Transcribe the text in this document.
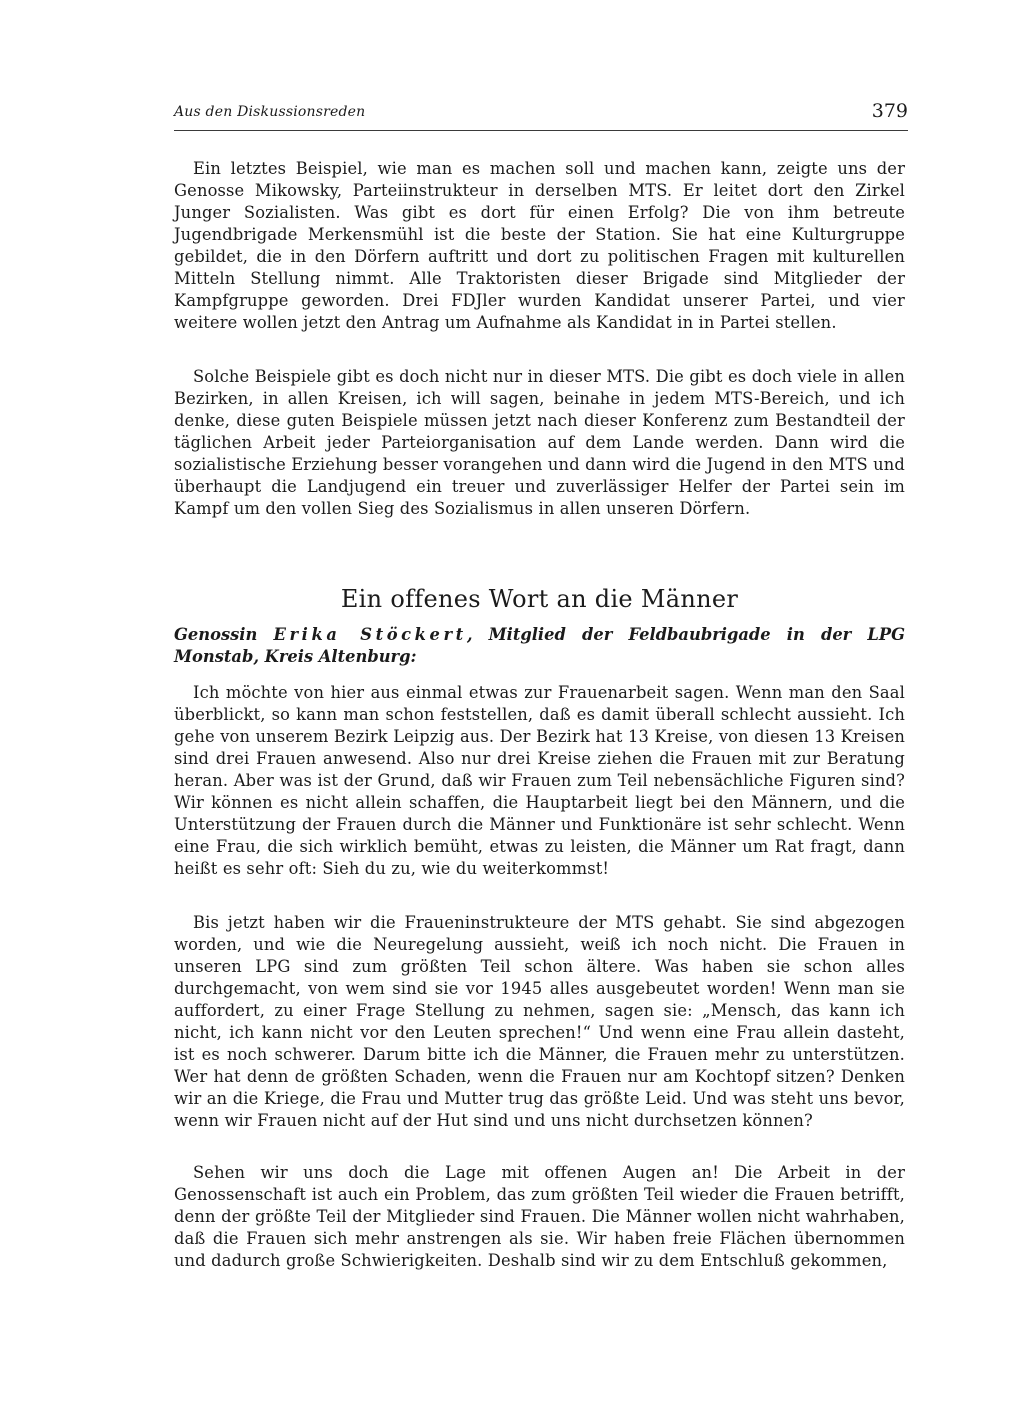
Aus den Diskussionsreden	379

Ein letztes Beispiel, wie man es machen soll und machen kann, zeigte uns der Genosse Mikowsky, Parteiinstrukteur in derselben MTS. Er leitet dort den Zirkel Junger Sozialisten. Was gibt es dort für einen Erfolg? Die von ihm betreute Jugendbrigade Merkensmühl ist die beste der Station. Sie hat eine Kulturgruppe gebildet, die in den Dörfern auftritt und dort zu politischen Fragen mit kulturellen Mitteln Stellung nimmt. Alle Traktoristen dieser Brigade sind Mitglieder der Kampfgruppe geworden. Drei FDJler wurden Kandidat unserer Partei, und vier weitere wollen jetzt den Antrag um Aufnahme als Kandidat in in Partei stellen.

Solche Beispiele gibt es doch nicht nur in dieser MTS. Die gibt es doch viele in allen Bezirken, in allen Kreisen, ich will sagen, beinahe in jedem MTS-Bereich, und ich denke, diese guten Beispiele müssen jetzt nach dieser Konferenz zum Bestandteil der täglichen Arbeit jeder Parteiorganisation auf dem Lande werden. Dann wird die sozialistische Erziehung besser vorangehen und dann wird die Jugend in den MTS und überhaupt die Landjugend ein treuer und zuverlässiger Helfer der Partei sein im Kampf um den vollen Sieg des Sozialismus in allen unseren Dörfern.

Ein offenes Wort an die Männer

Genossin Erika Stöckert, Mitglied der Feldbaubrigade in der LPG Monstab, Kreis Altenburg:

Ich möchte von hier aus einmal etwas zur Frauenarbeit sagen. Wenn man den Saal überblickt, so kann man schon feststellen, daß es damit überall schlecht aussieht. Ich gehe von unserem Bezirk Leipzig aus. Der Bezirk hat 13 Kreise, von diesen 13 Kreisen sind drei Frauen anwesend. Also nur drei Kreise ziehen die Frauen mit zur Beratung heran. Aber was ist der Grund, daß wir Frauen zum Teil nebensächliche Figuren sind? Wir können es nicht allein schaffen, die Hauptarbeit liegt bei den Männern, und die Unterstützung der Frauen durch die Männer und Funktionäre ist sehr schlecht. Wenn eine Frau, die sich wirklich bemüht, etwas zu leisten, die Männer um Rat fragt, dann heißt es sehr oft: Sieh du zu, wie du weiterkommst!

Bis jetzt haben wir die Fraueninstrukteure der MTS gehabt. Sie sind abgezogen worden, und wie die Neuregelung aussieht, weiß ich noch nicht. Die Frauen in unseren LPG sind zum größten Teil schon ältere. Was haben sie schon alles durchgemacht, von wem sind sie vor 1945 alles ausgebeutet worden! Wenn man sie auffordert, zu einer Frage Stellung zu nehmen, sagen sie: „Mensch, das kann ich nicht, ich kann nicht vor den Leuten sprechen!“ Und wenn eine Frau allein dasteht, ist es noch schwerer. Darum bitte ich die Männer, die Frauen mehr zu unterstützen. Wer hat denn de größten Schaden, wenn die Frauen nur am Kochtopf sitzen? Denken wir an die Kriege, die Frau und Mutter trug das größte Leid. Und was steht uns bevor, wenn wir Frauen nicht auf der Hut sind und uns nicht durchsetzen können?

Sehen wir uns doch die Lage mit offenen Augen an! Die Arbeit in der Genossenschaft ist auch ein Problem, das zum größten Teil wieder die Frauen betrifft, denn der größte Teil der Mitglieder sind Frauen. Die Männer wollen nicht wahrhaben, daß die Frauen sich mehr anstrengen als sie. Wir haben freie Flächen übernommen und dadurch große Schwierigkeiten. Deshalb sind wir zu dem Entschluß gekommen,
